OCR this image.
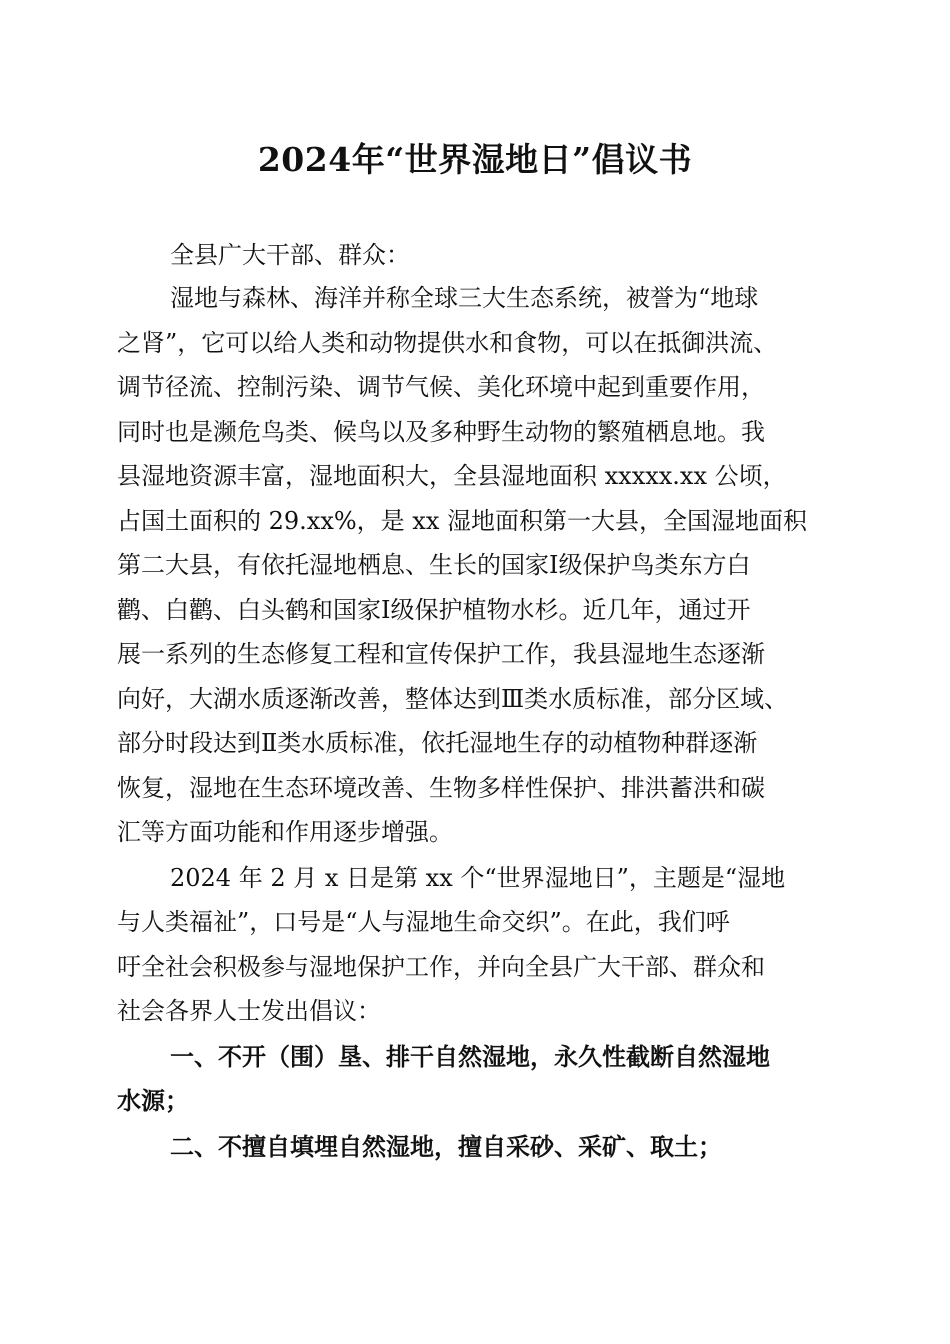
2024年“世界湿地日”倡议书
全县广大干部、群众：
湿地与森林、海洋并称全球三大生态系统，被誉为“地球
之肾”，它可以给人类和动物提供水和食物，可以在抵御洪流、
调节径流、控制污染、调节气候、美化环境中起到重要作用，
同时也是濒危鸟类、候鸟以及多种野生动物的繁殖栖息地。我
县湿地资源丰富，湿地面积大，全县湿地面积 xxxxx.xx 公顷，
占国土面积的 29.xx%，是 xx 湿地面积第一大县，全国湿地面积
第二大县，有依托湿地栖息、生长的国家Ⅰ级保护鸟类东方白
鹳、白鹳、白头鹤和国家Ⅰ级保护植物水杉。近几年，通过开
展一系列的生态修复工程和宣传保护工作，我县湿地生态逐渐
向好，大湖水质逐渐改善，整体达到Ⅲ类水质标准，部分区域、
部分时段达到Ⅱ类水质标准，依托湿地生存的动植物种群逐渐
恢复，湿地在生态环境改善、生物多样性保护、排洪蓄洪和碳
汇等方面功能和作用逐步增强。
2024 年 2 月 x 日是第 xx 个“世界湿地日”，主题是“湿地
与人类福祉”，口号是“人与湿地生命交织”。在此，我们呼
吁全社会积极参与湿地保护工作，并向全县广大干部、群众和
社会各界人士发出倡议：
一、不开（围）垦、排干自然湿地，永久性截断自然湿地
水源；
二、不擅自填埋自然湿地，擅自采砂、采矿、取土；
